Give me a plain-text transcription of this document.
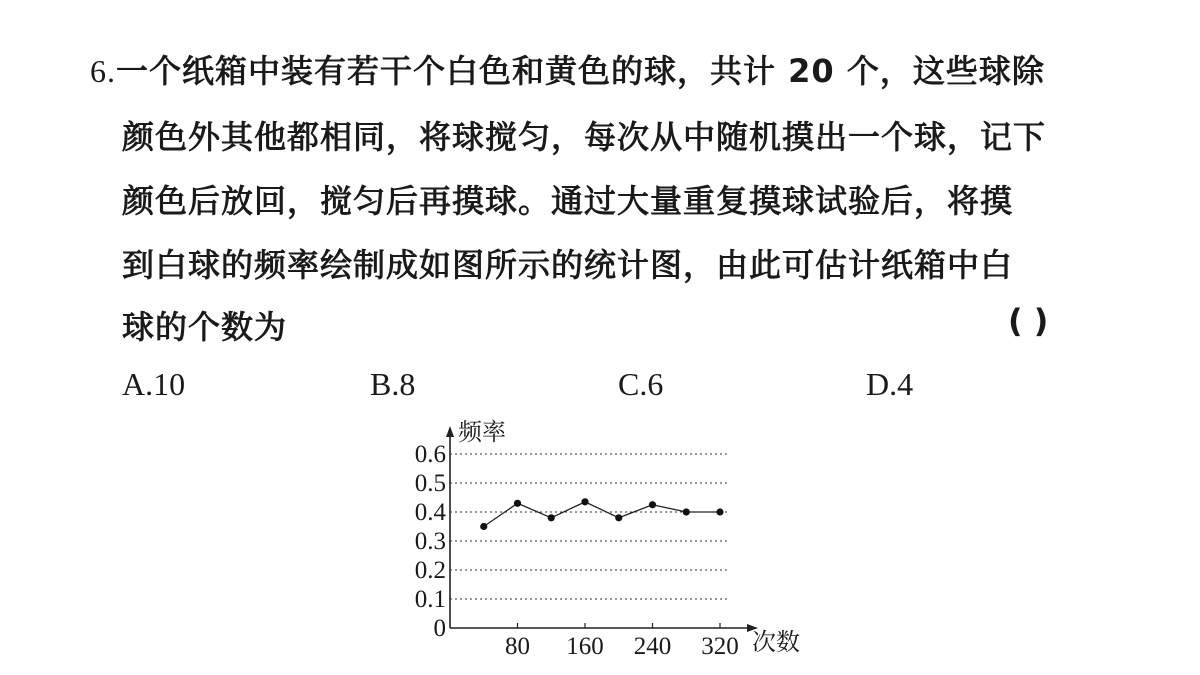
6.一个纸箱中装有若干个白色和黄色的球，共计 20 个，这些球除
颜色外其他都相同，将球搅匀，每次从中随机摸出一个球，记下
颜色后放回，搅匀后再摸球。通过大量重复摸球试验后，将摸
到白球的频率绘制成如图所示的统计图，由此可估计纸箱中白
球的个数为	( )
A.10	B.8	C.6	D.4
0.6
0.5
0.4
0.3
0.2
0.1
0
80 160 240 320
频率
次数
